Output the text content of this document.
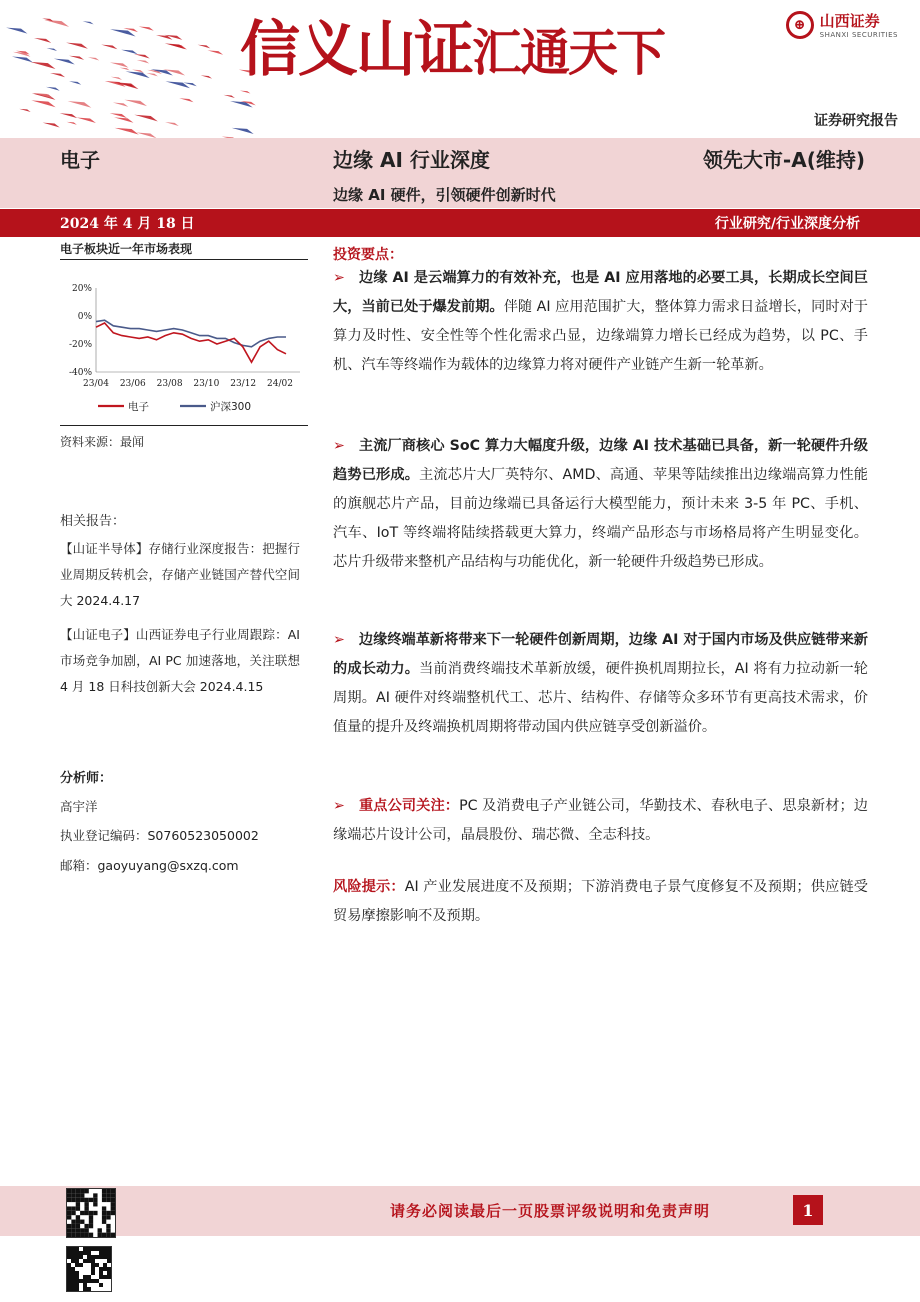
信义山证汇通天下	⊕ 山西证券
SHANXI SECURITIES
证券研究报告
电子	边缘 AI 行业深度	领先大市-A(维持)
边缘 AI 硬件，引领硬件创新时代
2024 年 4 月 18 日	行业研究/行业深度分析
电子板块近一年市场表现
20%
0%
-20%
-40%
23/04 23/06 23/08 23/10 23/12 24/02
电子	沪深300
资料来源：最闻
相关报告：
【山证半导体】存储行业深度报告：把握行业周期反转机会，存储产业链国产替代空间大 2024.4.17
【山证电子】山西证券电子行业周跟踪：AI 市场竞争加剧，AI PC 加速落地，关注联想 4 月 18 日科技创新大会 2024.4.15
分析师：
高宇洋
执业登记编码：S0760523050002
邮箱：gaoyuyang@sxzq.com
投资要点：
➢ 边缘 AI 是云端算力的有效补充，也是 AI 应用落地的必要工具，长期成长空间巨大，当前已处于爆发前期。伴随 AI 应用范围扩大，整体算力需求日益增长，同时对于算力及时性、安全性等个性化需求凸显，边缘端算力增长已经成为趋势，以 PC、手机、汽车等终端作为载体的边缘算力将对硬件产业链产生新一轮革新。
➢ 主流厂商核心 SoC 算力大幅度升级，边缘 AI 技术基础已具备，新一轮硬件升级趋势已形成。主流芯片大厂英特尔、AMD、高通、苹果等陆续推出边缘端高算力性能的旗舰芯片产品，目前边缘端已具备运行大模型能力，预计未来 3-5 年 PC、手机、汽车、IoT 等终端将陆续搭载更大算力，终端产品形态与市场格局将产生明显变化。芯片升级带来整机产品结构与功能优化，新一轮硬件升级趋势已形成。
➢ 边缘终端革新将带来下一轮硬件创新周期，边缘 AI 对于国内市场及供应链带来新的成长动力。当前消费终端技术革新放缓，硬件换机周期拉长，AI 将有力拉动新一轮周期。AI 硬件对终端整机代工、芯片、结构件、存储等众多环节有更高技术需求，价值量的提升及终端换机周期将带动国内供应链享受创新溢价。
➢ 重点公司关注：PC 及消费电子产业链公司，华勤技术、春秋电子、思泉新材；边缘端芯片设计公司，晶晨股份、瑞芯微、全志科技。
风险提示：AI 产业发展进度不及预期；下游消费电子景气度修复不及预期；供应链受贸易摩擦影响不及预期。
请务必阅读最后一页股票评级说明和免责声明	1
